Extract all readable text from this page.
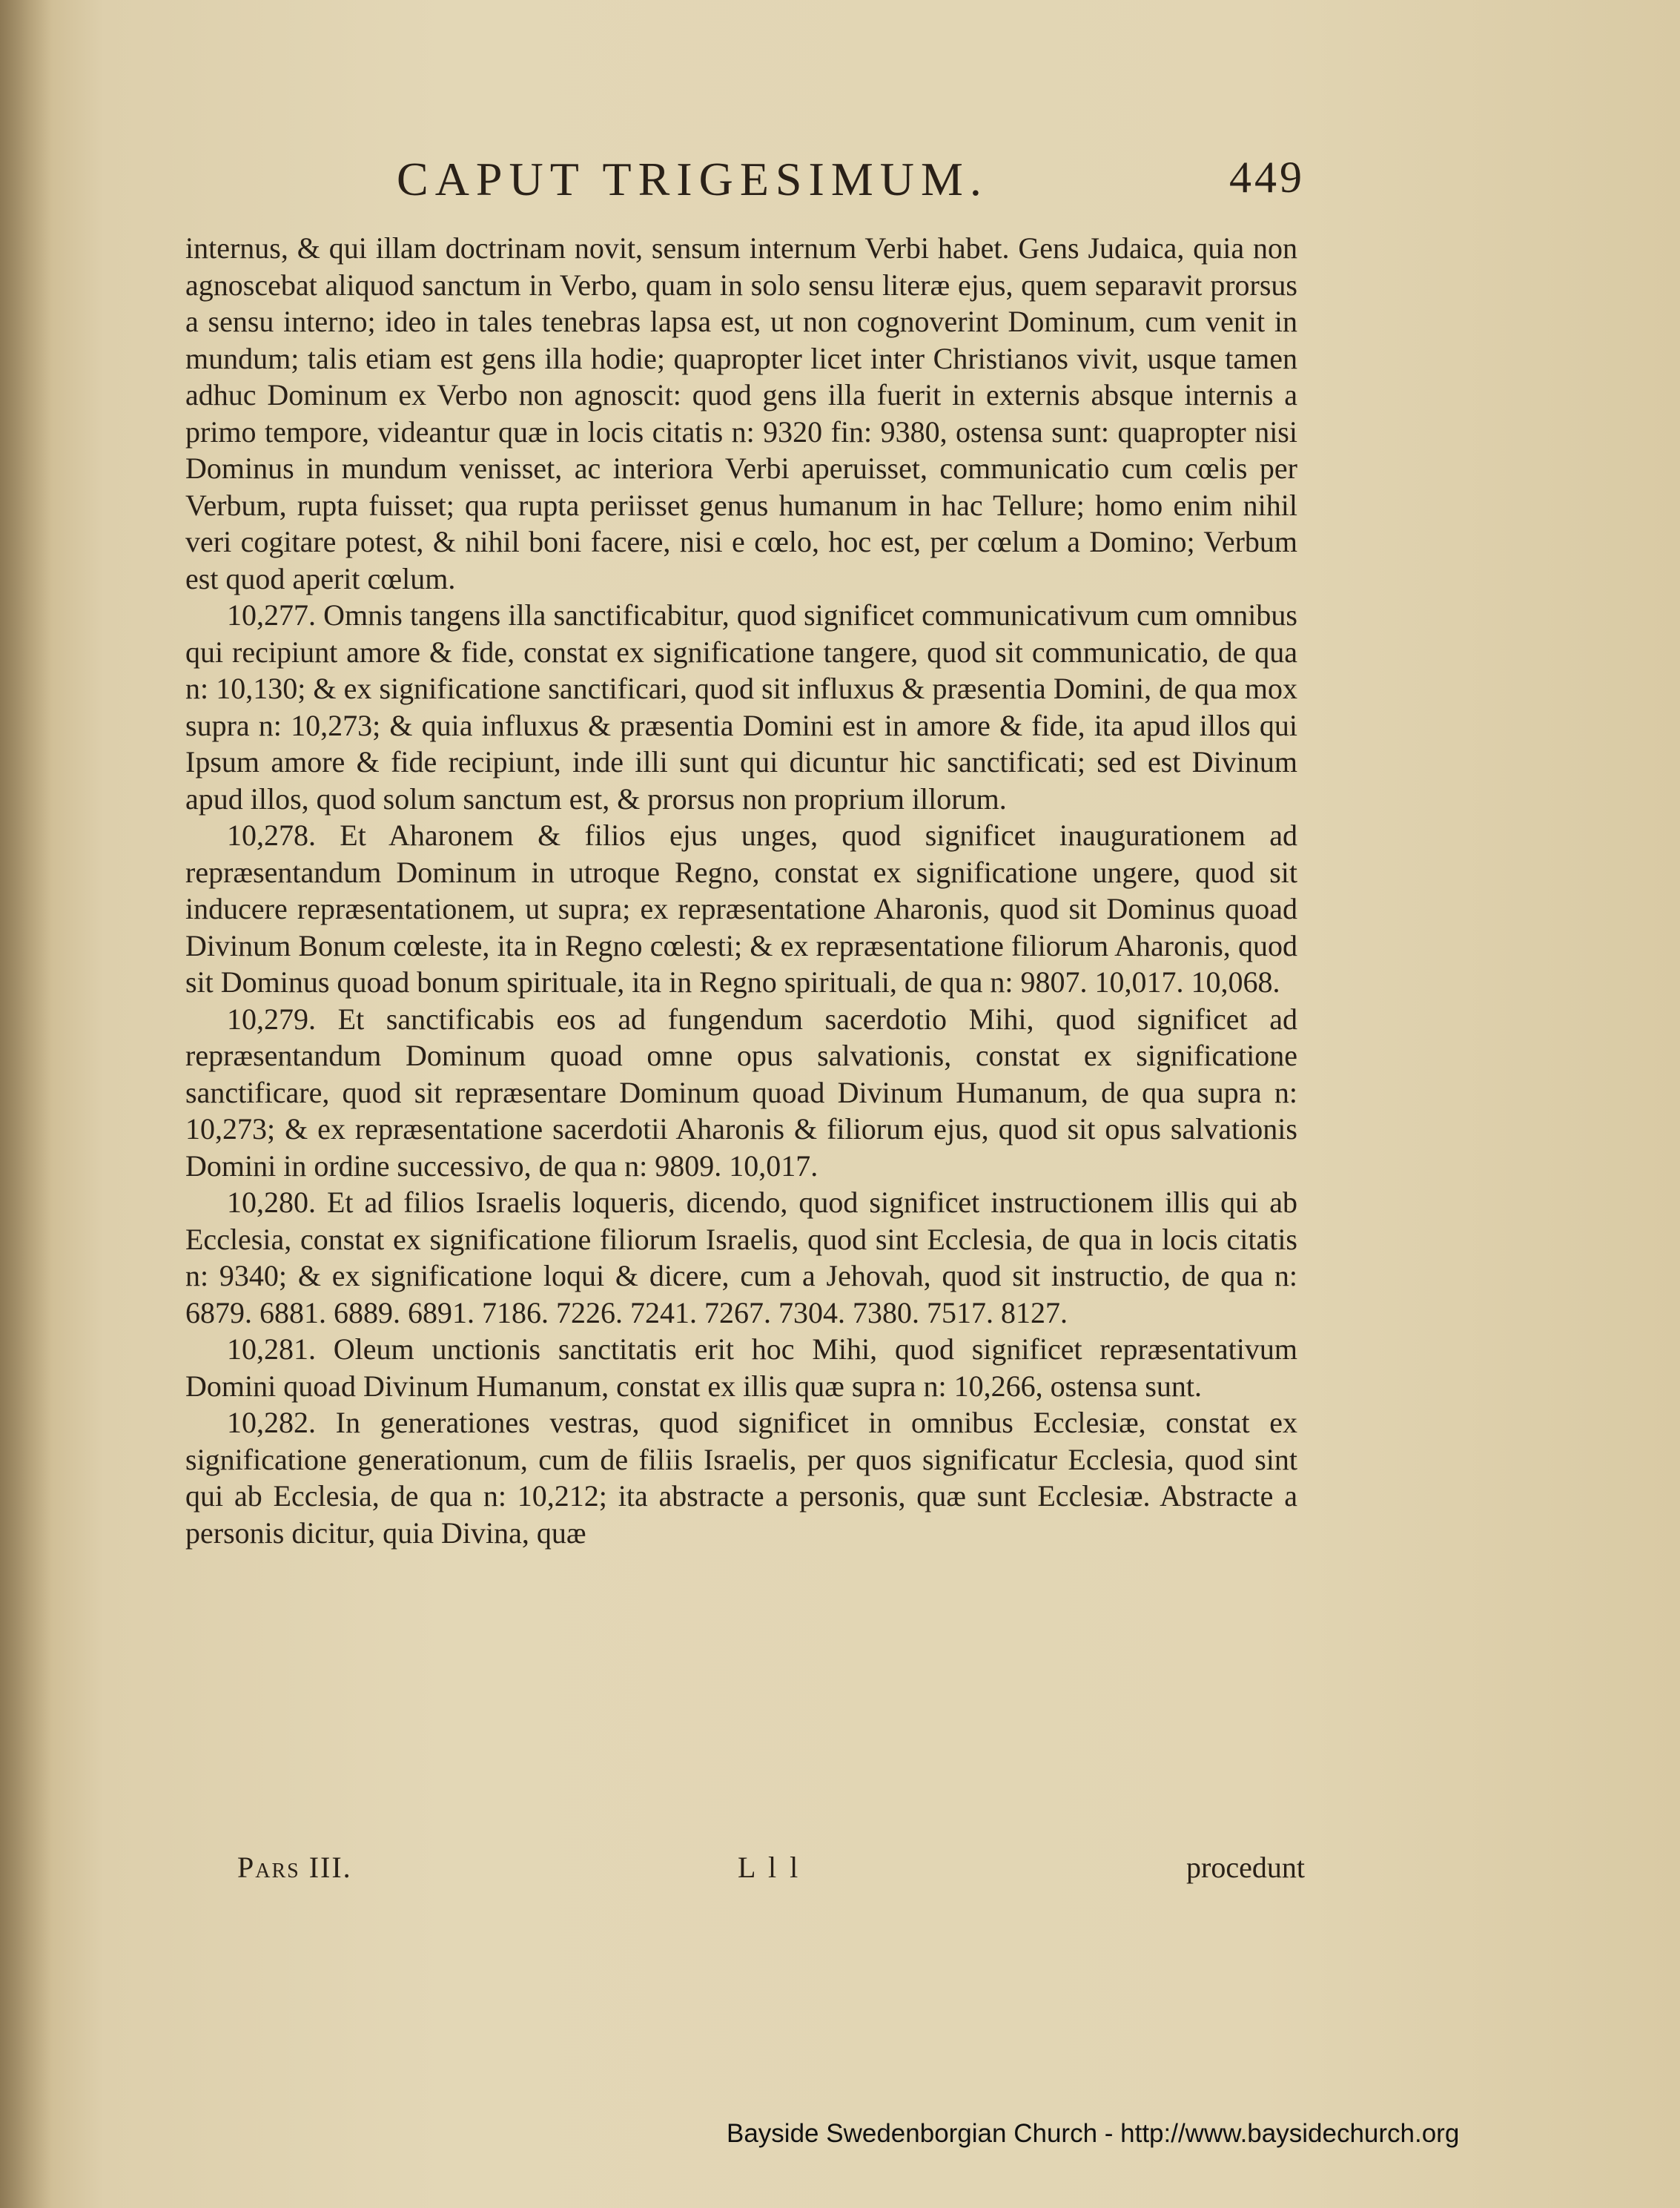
CAPUT TRIGESIMUM.	449

internus, & qui illam doctrinam novit, sensum internum Verbi habet. Gens Judaica, quia non agnoscebat aliquod sanctum in Verbo, quam in solo sensu literæ ejus, quem separavit prorsus a sensu interno; ideo in tales tenebras lapsa est, ut non cognoverint Dominum, cum venit in mundum; talis etiam est gens illa hodie; quapropter licet inter Christianos vivit, usque tamen adhuc Dominum ex Verbo non agnoscit: quod gens illa fuerit in externis absque internis a primo tempore, videantur quæ in locis citatis n: 9320 fin: 9380, ostensa sunt: quapropter nisi Dominus in mundum venisset, ac interiora Verbi aperuisset, communicatio cum cœlis per Verbum, rupta fuisset; qua rupta periisset genus humanum in hac Tellure; homo enim nihil veri cogitare potest, & nihil boni facere, nisi e cœlo, hoc est, per cœlum a Domino; Verbum est quod aperit cœlum.

10,277. Omnis tangens illa sanctificabitur, quod significet communicativum cum omnibus qui recipiunt amore & fide, constat ex significatione tangere, quod sit communicatio, de qua n: 10,130; & ex significatione sanctificari, quod sit influxus & præsentia Domini, de qua mox supra n: 10,273; & quia influxus & præsentia Domini est in amore & fide, ita apud illos qui Ipsum amore & fide recipiunt, inde illi sunt qui dicuntur hic sanctificati; sed est Divinum apud illos, quod solum sanctum est, & prorsus non proprium illorum.

10,278. Et Aharonem & filios ejus unges, quod significet inaugurationem ad repræsentandum Dominum in utroque Regno, constat ex significatione ungere, quod sit inducere repræsentationem, ut supra; ex repræsentatione Aharonis, quod sit Dominus quoad Divinum Bonum cœleste, ita in Regno cœlesti; & ex repræsentatione filiorum Aharonis, quod sit Dominus quoad bonum spirituale, ita in Regno spirituali, de qua n: 9807. 10,017. 10,068.

10,279. Et sanctificabis eos ad fungendum sacerdotio Mihi, quod significet ad repræsentandum Dominum quoad omne opus salvationis, constat ex significatione sanctificare, quod sit repræsentare Dominum quoad Divinum Humanum, de qua supra n: 10,273; & ex repræsentatione sacerdotii Aharonis & filiorum ejus, quod sit opus salvationis Domini in ordine successivo, de qua n: 9809. 10,017.

10,280. Et ad filios Israelis loqueris, dicendo, quod significet instructionem illis qui ab Ecclesia, constat ex significatione filiorum Israelis, quod sint Ecclesia, de qua in locis citatis n: 9340; & ex significatione loqui & dicere, cum a Jehovah, quod sit instructio, de qua n: 6879. 6881. 6889. 6891. 7186. 7226. 7241. 7267. 7304. 7380. 7517. 8127.

10,281. Oleum unctionis sanctitatis erit hoc Mihi, quod significet repræsentativum Domini quoad Divinum Humanum, constat ex illis quæ supra n: 10,266, ostensa sunt.

10,282. In generationes vestras, quod significet in omnibus Ecclesiæ, constat ex significatione generationum, cum de filiis Israelis, per quos significatur Ecclesia, quod sint qui ab Ecclesia, de qua n: 10,212; ita abstracte a personis, quæ sunt Ecclesiæ. Abstracte a personis dicitur, quia Divina, quæ

Pars III.	L l l	procedunt
Bayside Swedenborgian Church - http://www.baysidechurch.org
